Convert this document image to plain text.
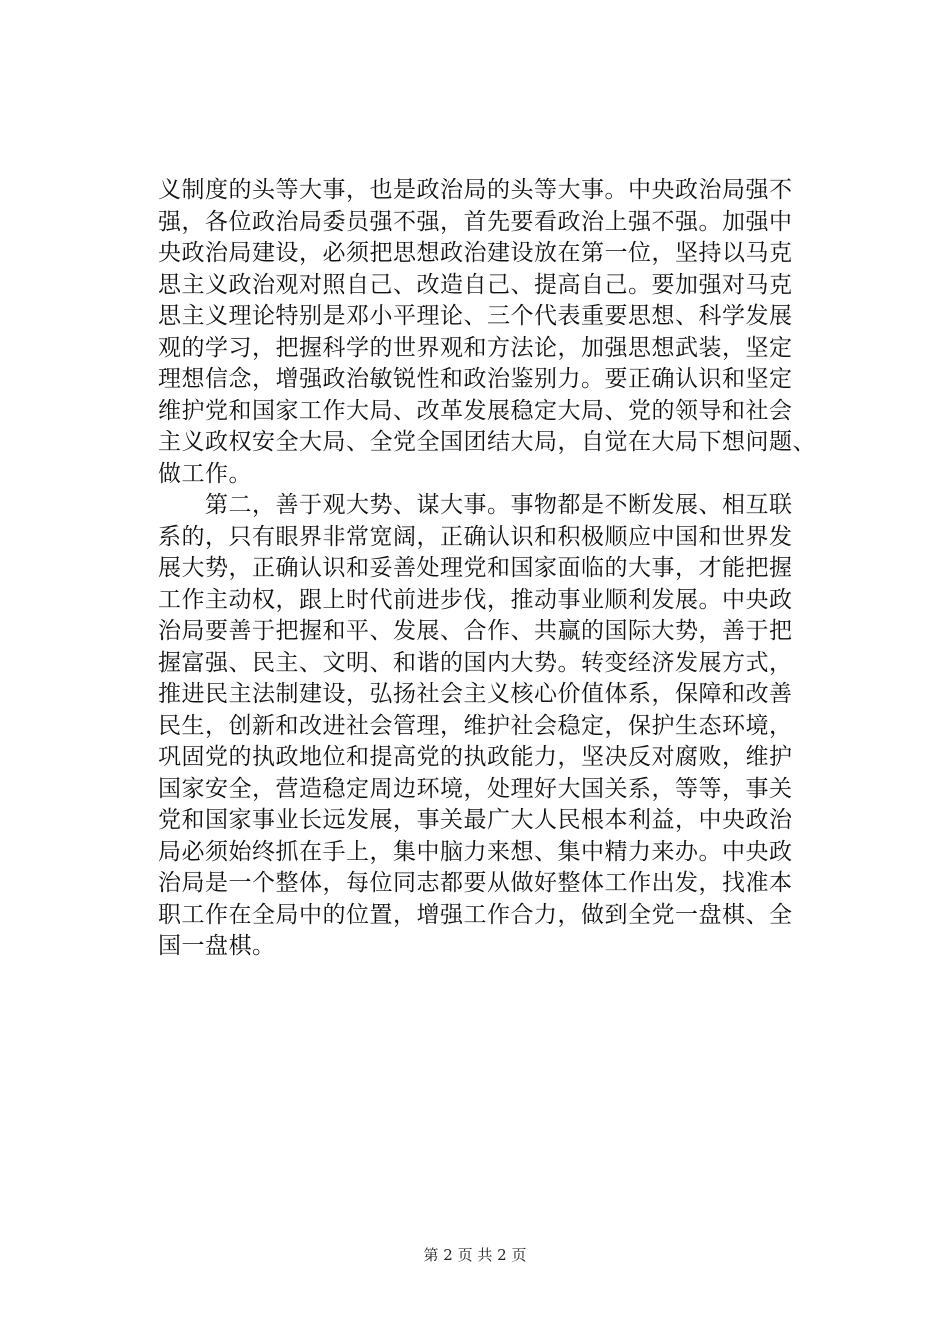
义制度的头等大事，也是政治局的头等大事。中央政治局强不
强，各位政治局委员强不强，首先要看政治上强不强。加强中
央政治局建设，必须把思想政治建设放在第一位，坚持以马克
思主义政治观对照自己、改造自己、提高自己。要加强对马克
思主义理论特别是邓小平理论、三个代表重要思想、科学发展
观的学习，把握科学的世界观和方法论，加强思想武装，坚定
理想信念，增强政治敏锐性和政治鉴别力。要正确认识和坚定
维护党和国家工作大局、改革发展稳定大局、党的领导和社会
主义政权安全大局、全党全国团结大局，自觉在大局下想问题、
做工作。
　　第二，善于观大势、谋大事。事物都是不断发展、相互联
系的，只有眼界非常宽阔，正确认识和积极顺应中国和世界发
展大势，正确认识和妥善处理党和国家面临的大事，才能把握
工作主动权，跟上时代前进步伐，推动事业顺利发展。中央政
治局要善于把握和平、发展、合作、共赢的国际大势，善于把
握富强、民主、文明、和谐的国内大势。转变经济发展方式，
推进民主法制建设，弘扬社会主义核心价值体系，保障和改善
民生，创新和改进社会管理，维护社会稳定，保护生态环境，
巩固党的执政地位和提高党的执政能力，坚决反对腐败，维护
国家安全，营造稳定周边环境，处理好大国关系，等等，事关
党和国家事业长远发展，事关最广大人民根本利益，中央政治
局必须始终抓在手上，集中脑力来想、集中精力来办。中央政
治局是一个整体，每位同志都要从做好整体工作出发，找准本
职工作在全局中的位置，增强工作合力，做到全党一盘棋、全
国一盘棋。
第 2 页 共 2 页
